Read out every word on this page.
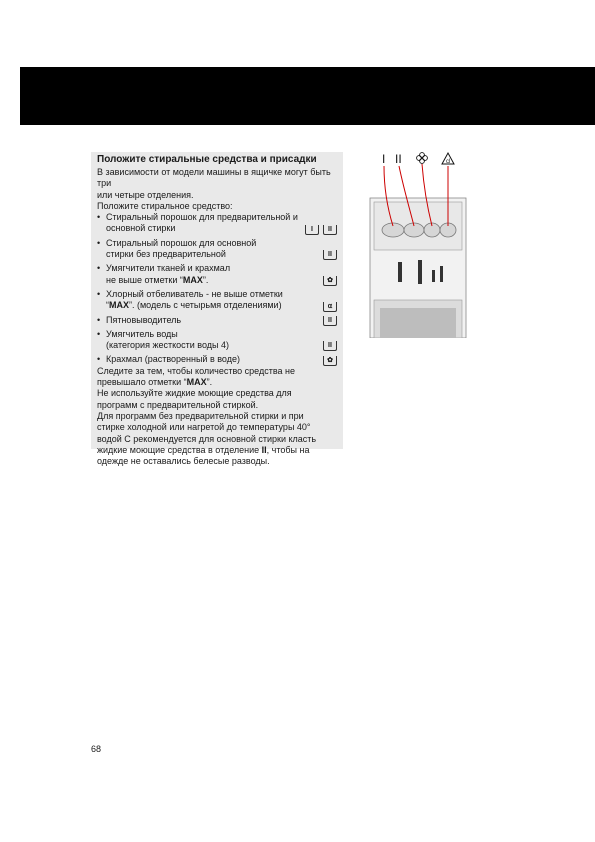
Положите стиральные средства и присадки
В зависимости от модели машины в ящичке могут быть три
или четыре отделения.
Положите стиральное средство:
• Стиральный порошок для предварительной и
основной стирки	I	II
• Стиральный порошок для основной
стирки без предварительной	II
• Умягчители тканей и крахмал
не выше отметки “MAX”.	✿
• Хлорный отбеливатель - не выше отметки
“MAX”. (модель с четырьмя отделениями)	⍺
• Пятновыводитель	II
• Умягчитель воды
(категория жесткости воды 4)	II
• Крахмал (растворенный в воде)	✿
Следите за тем, чтобы количество средства не
превышало отметки “MAX”.
Не используйте жидкие моющие средства для
программ с предварительной стиркой.
Для программ без предварительной стирки и при
стирке холодной или нагретой до температуры 40°
водой С рекомендуется для основной стирки класть
жидкие моющие средства в отделение II, чтобы на
одежде не оставались белесые разводы.
I II	cl
68
